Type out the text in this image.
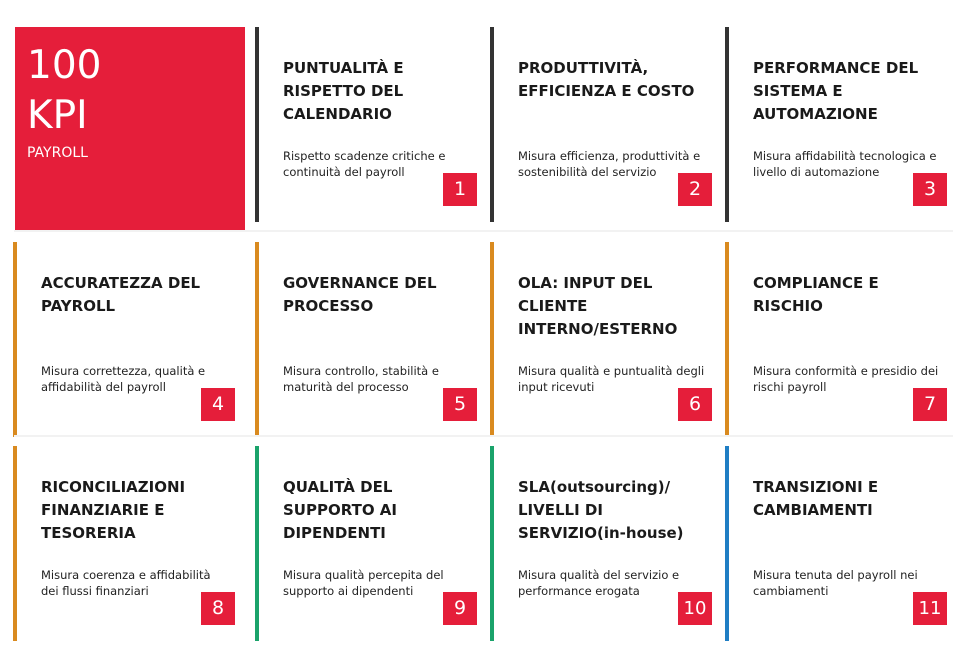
100
KPI
PAYROLL
PUNTUALITÀ E RISPETTO DEL CALENDARIO
Rispetto scadenze critiche e continuità del payroll
1
PRODUTTIVITÀ, EFFICIENZA E COSTO
Misura efficienza, produttività e sostenibilità del servizio
2
PERFORMANCE DEL SISTEMA E AUTOMAZIONE
Misura affidabilità tecnologica e livello di automazione
3
ACCURATEZZA DEL PAYROLL
Misura correttezza, qualità e affidabilità del payroll
4
GOVERNANCE DEL PROCESSO
Misura controllo, stabilità e maturità del processo
5
OLA: INPUT DEL CLIENTE INTERNO/ESTERNO
Misura qualità e puntualità degli input ricevuti
6
COMPLIANCE E RISCHIO
Misura conformità e presidio dei rischi payroll
7
RICONCILIAZIONI FINANZIARIE E TESORERIA
Misura coerenza e affidabilità dei flussi finanziari
8
QUALITÀ DEL SUPPORTO AI DIPENDENTI
Misura qualità percepita del supporto ai dipendenti
9
SLA(outsourcing)/ LIVELLI DI SERVIZIO(in-house)
Misura qualità del servizio e performance erogata
10
TRANSIZIONI E CAMBIAMENTI
Misura tenuta del payroll nei cambiamenti
11
